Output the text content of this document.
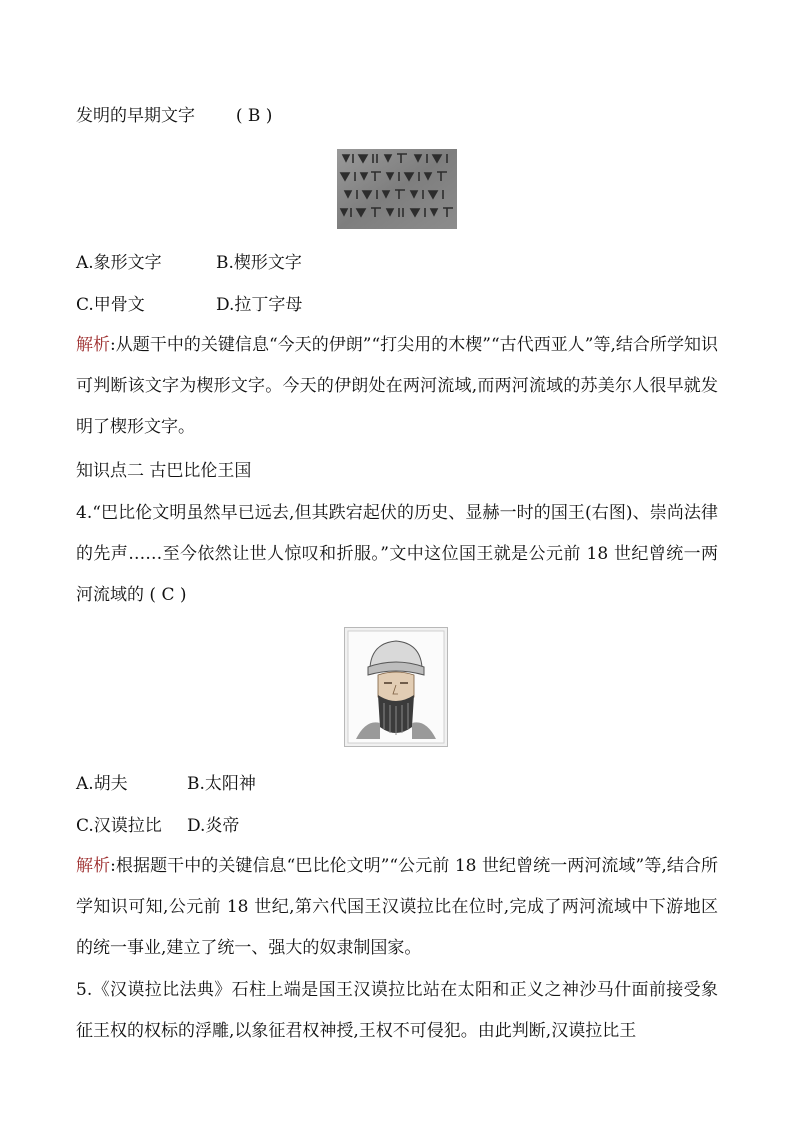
发明的早期文字 ( B )
A.象形文字	B.楔形文字
C.甲骨文	D.拉丁字母
解析:从题干中的关键信息“今天的伊朗”“打尖用的木楔”“古代西亚人”等,结合所学知识可判断该文字为楔形文字。今天的伊朗处在两河流域,而两河流域的苏美尔人很早就发明了楔形文字。
知识点二 古巴比伦王国
4.“巴比伦文明虽然早已远去,但其跌宕起伏的历史、显赫一时的国王(右图)、崇尚法律的先声……至今依然让世人惊叹和折服。”文中这位国王就是公元前 18 世纪曾统一两河流域的 ( C )
A.胡夫	B.太阳神
C.汉谟拉比 D.炎帝
解析:根据题干中的关键信息“巴比伦文明”“公元前 18 世纪曾统一两河流域”等,结合所学知识可知,公元前 18 世纪,第六代国王汉谟拉比在位时,完成了两河流域中下游地区的统一事业,建立了统一、强大的奴隶制国家。
5.《汉谟拉比法典》石柱上端是国王汉谟拉比站在太阳和正义之神沙马什面前接受象征王权的权标的浮雕,以象征君权神授,王权不可侵犯。由此判断,汉谟拉比王
